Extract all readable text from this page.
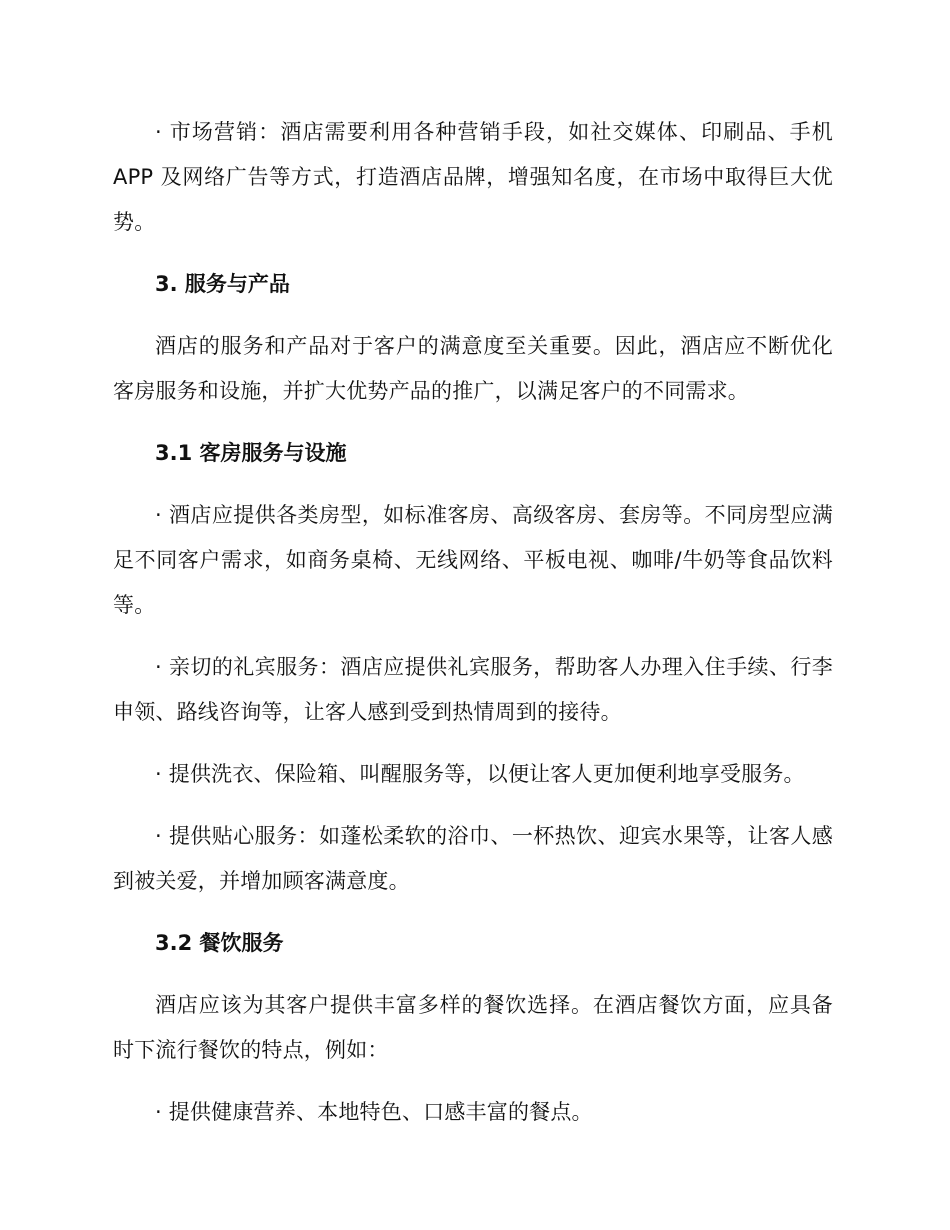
· 市场营销：酒店需要利用各种营销手段，如社交媒体、印刷品、手机APP 及网络广告等方式，打造酒店品牌，增强知名度，在市场中取得巨大优势。

3. 服务与产品

酒店的服务和产品对于客户的满意度至关重要。因此，酒店应不断优化客房服务和设施，并扩大优势产品的推广，以满足客户的不同需求。

3.1 客房服务与设施

· 酒店应提供各类房型，如标准客房、高级客房、套房等。不同房型应满足不同客户需求，如商务桌椅、无线网络、平板电视、咖啡/牛奶等食品饮料等。

· 亲切的礼宾服务：酒店应提供礼宾服务，帮助客人办理入住手续、行李申领、路线咨询等，让客人感到受到热情周到的接待。

· 提供洗衣、保险箱、叫醒服务等，以便让客人更加便利地享受服务。

· 提供贴心服务：如蓬松柔软的浴巾、一杯热饮、迎宾水果等，让客人感到被关爱，并增加顾客满意度。

3.2 餐饮服务

酒店应该为其客户提供丰富多样的餐饮选择。在酒店餐饮方面，应具备时下流行餐饮的特点，例如：

· 提供健康营养、本地特色、口感丰富的餐点。
